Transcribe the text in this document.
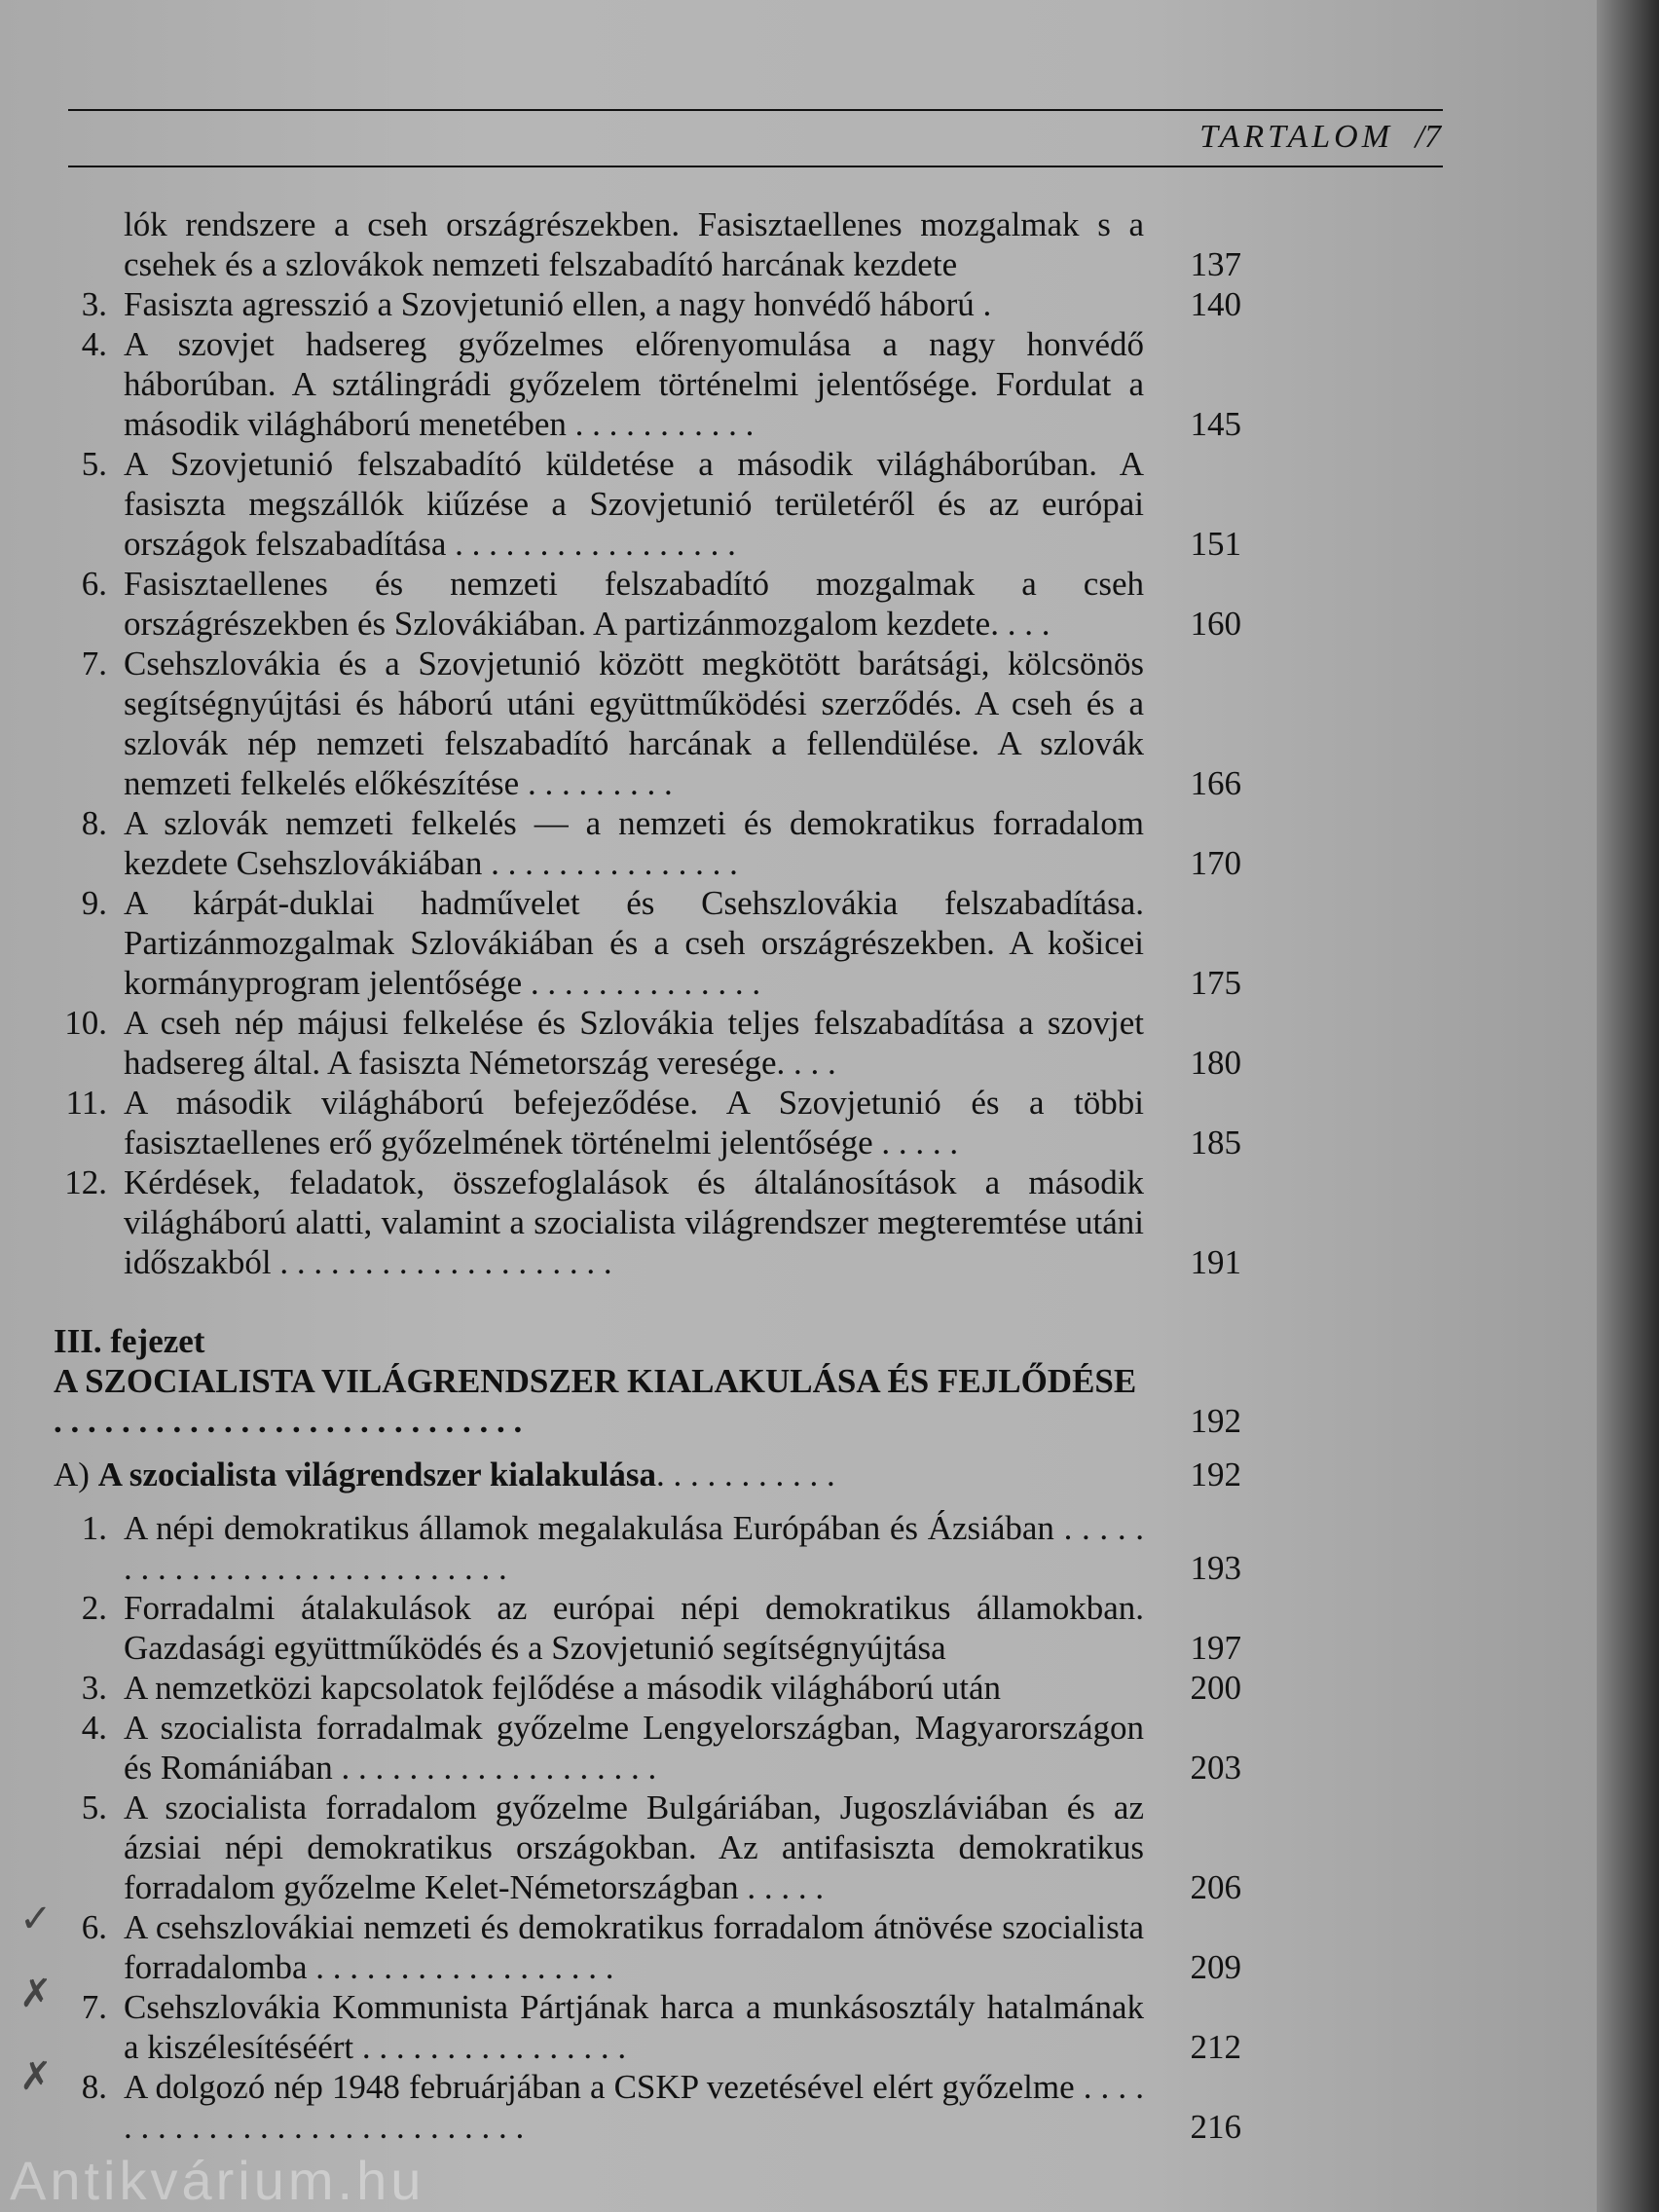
TARTALOM /7
lók rendszere a cseh országrészekben. Fasisztaellenes mozgalmak s a csehek és a szlovákok nemzeti felszabadító harcának kezdete	137
3. Fasiszta agresszió a Szovjetunió ellen, a nagy honvédő háború .	140
4. A szovjet hadsereg győzelmes előrenyomulása a nagy honvédő háborúban. A sztálingrádi győzelem történelmi jelentősége. Fordulat a második világháború menetében . . . . . . . . . . .	145
5. A Szovjetunió felszabadító küldetése a második világháborúban. A fasiszta megszállók kiűzése a Szovjetunió területéről és az európai országok felszabadítása . . . . . . . . . . . . . . . . .	151
6. Fasisztaellenes és nemzeti felszabadító mozgalmak a cseh országrészekben és Szlovákiában. A partizánmozgalom kezdete. . . .	160
7. Csehszlovákia és a Szovjetunió között megkötött barátsági, kölcsönös segítségnyújtási és háború utáni együttműködési szerződés. A cseh és a szlovák nép nemzeti felszabadító harcának a fellendülése. A szlovák nemzeti felkelés előkészítése . . . . . . . . .	166
8. A szlovák nemzeti felkelés — a nemzeti és demokratikus forradalom kezdete Csehszlovákiában . . . . . . . . . . . . . . .	170
9. A kárpát-duklai hadművelet és Csehszlovákia felszabadítása. Partizánmozgalmak Szlovákiában és a cseh országrészekben. A košicei kormányprogram jelentősége . . . . . . . . . . . . . .	175
10. A cseh nép májusi felkelése és Szlovákia teljes felszabadítása a szovjet hadsereg által. A fasiszta Németország veresége. . . .	180
11. A második világháború befejeződése. A Szovjetunió és a többi fasisztaellenes erő győzelmének történelmi jelentősége . . . . .	185
12. Kérdések, feladatok, összefoglalások és általánosítások a második világháború alatti, valamint a szocialista világrendszer megteremtése utáni időszakból . . . . . . . . . . . . . . . . . . . .	191
III. fejezet
A SZOCIALISTA VILÁGRENDSZER KIALAKULÁSA ÉS FEJLŐDÉSE . . . . . . . . . . . . . . . . . . . . . . . . . . . .	192
A) A szocialista világrendszer kialakulása. . . . . . . . . . .	192
1. A népi demokratikus államok megalakulása Európában és Ázsiában . . . . . . . . . . . . . . . . . . . . . . . . . . . .	193
2. Forradalmi átalakulások az európai népi demokratikus államokban. Gazdasági együttműködés és a Szovjetunió segítségnyújtása	197
3. A nemzetközi kapcsolatok fejlődése a második világháború után	200
4. A szocialista forradalmak győzelme Lengyelországban, Magyarországon és Romániában . . . . . . . . . . . . . . . . . . .	203
5. A szocialista forradalom győzelme Bulgáriában, Jugoszláviában és az ázsiai népi demokratikus országokban. Az antifasiszta demokratikus forradalom győzelme Kelet-Németországban . . . . .	206
6. A csehszlovákiai nemzeti és demokratikus forradalom átnövése szocialista forradalomba . . . . . . . . . . . . . . . . . .	209
7. Csehszlovákia Kommunista Pártjának harca a munkásosztály hatalmának a kiszélesítéséért . . . . . . . . . . . . . . . .	212
8. A dolgozó nép 1948 februárjában a CSKP vezetésével elért győzelme . . . . . . . . . . . . . . . . . . . . . . . . . . . .	216
✓
✗
✗
Antikvárium.hu
